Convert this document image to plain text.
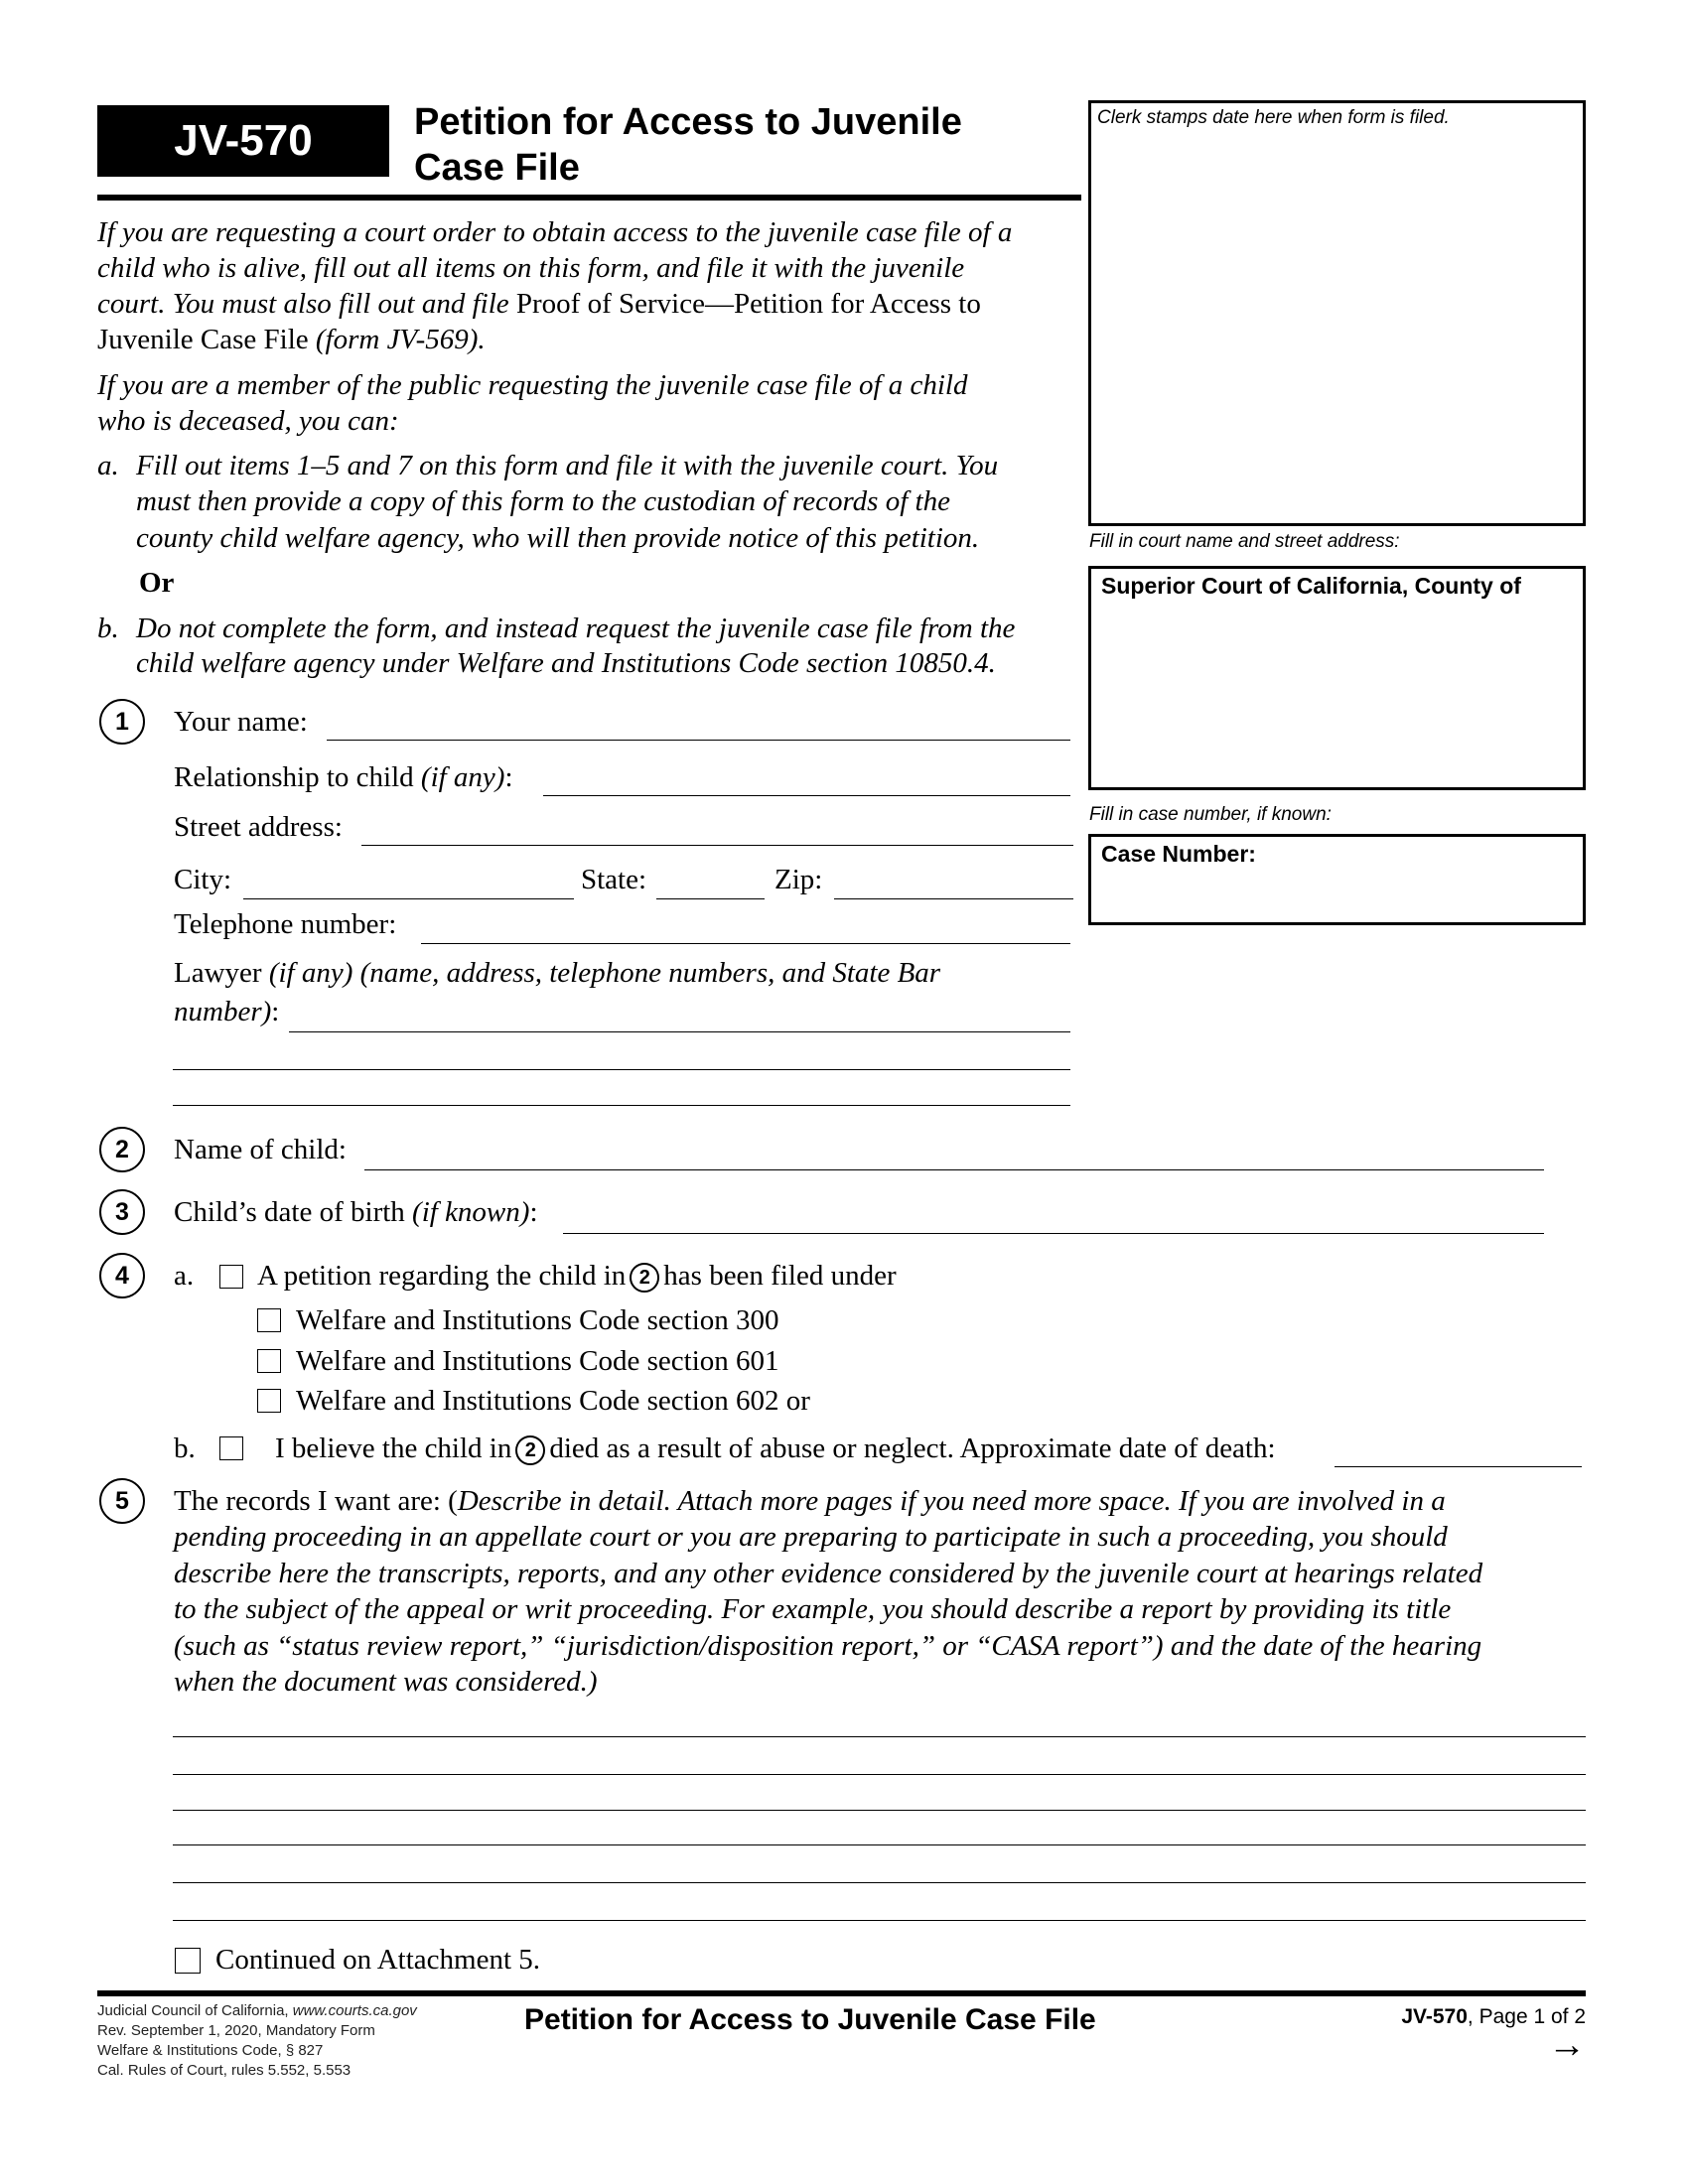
JV-570	Petition for Access to Juvenile
Case File
Clerk stamps date here when form is filed.
Fill in court name and street address:
Superior Court of California, County of
Fill in case number, if known:
Case Number:
If you are requesting a court order to obtain access to the juvenile case file of a
child who is alive, fill out all items on this form, and file it with the juvenile
court. You must also fill out and file Proof of Service—Petition for Access to
Juvenile Case File (form JV-569).
If you are a member of the public requesting the juvenile case file of a child
who is deceased, you can:
a. Fill out items 1–5 and 7 on this form and file it with the juvenile court. You
must then provide a copy of this form to the custodian of records of the
county child welfare agency, who will then provide notice of this petition.
Or
b. Do not complete the form, and instead request the juvenile case file from the
child welfare agency under Welfare and Institutions Code section 10850.4.
1	Your name:
Relationship to child (if any):
Street address:
City:	State:	Zip:
Telephone number:
Lawyer (if any) (name, address, telephone numbers, and State Bar
number):
2	Name of child:
3	Child’s date of birth (if known):
4	a. A petition regarding the child in 2 has been filed under
Welfare and Institutions Code section 300
Welfare and Institutions Code section 601
Welfare and Institutions Code section 602 or
b.	I believe the child in 2 died as a result of abuse or neglect. Approximate date of death:
5	The records I want are: (Describe in detail. Attach more pages if you need more space. If you are involved in a
pending proceeding in an appellate court or you are preparing to participate in such a proceeding, you should
describe here the transcripts, reports, and any other evidence considered by the juvenile court at hearings related
to the subject of the appeal or writ proceeding. For example, you should describe a report by providing its title
(such as “status review report,” “jurisdiction/disposition report,” or “CASA report”) and the date of the hearing
when the document was considered.)
Continued on Attachment 5.
Judicial Council of California, www.courts.ca.gov
Rev. September 1, 2020, Mandatory Form
Welfare & Institutions Code, § 827
Cal. Rules of Court, rules 5.552, 5.553
Petition for Access to Juvenile Case File	JV-570, Page 1 of 2
→
